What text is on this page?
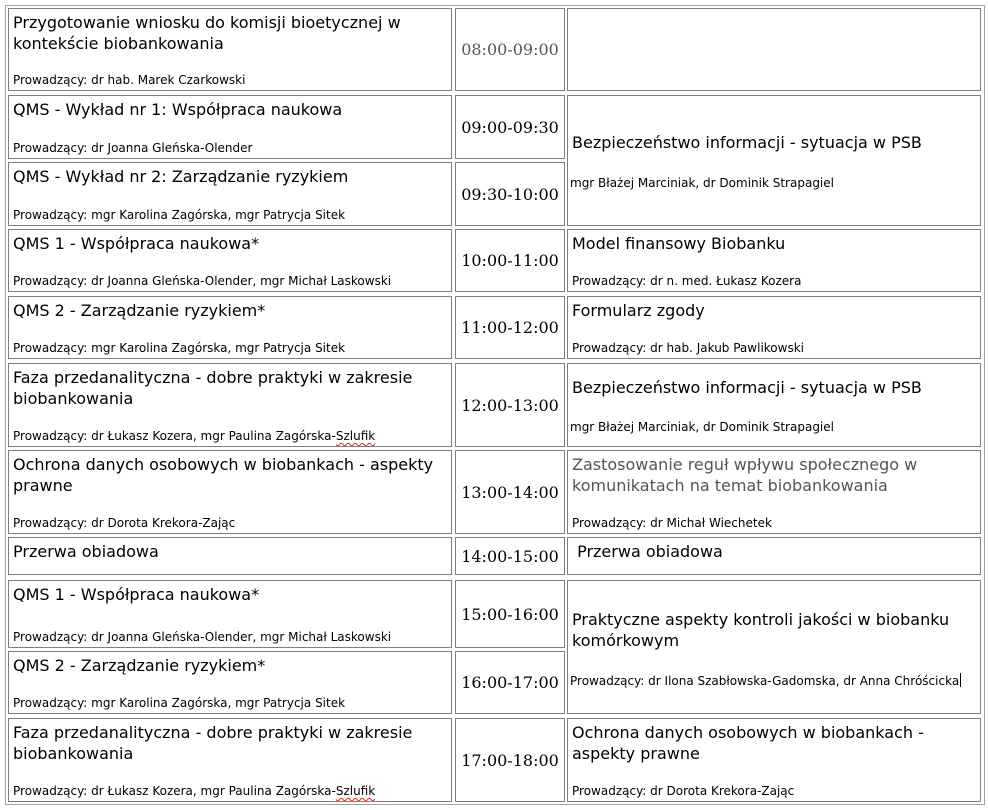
Przygotowanie wniosku do komisji bioetycznej w kontekście biobankowania
Prowadzący: dr hab. Marek Czarkowski
08:00-09:00
QMS - Wykład nr 1: Współpraca naukowa
Prowadzący: dr Joanna Gleńska-Olender
09:00-09:30
Bezpieczeństwo informacji - sytuacja w PSB
mgr Błażej Marciniak, dr Dominik Strapagiel
QMS - Wykład nr 2: Zarządzanie ryzykiem
Prowadzący: mgr Karolina Zagórska, mgr Patrycja Sitek
09:30-10:00
QMS 1 - Współpraca naukowa*
Prowadzący: dr Joanna Gleńska-Olender, mgr Michał Laskowski
10:00-11:00
Model finansowy Biobanku
Prowadzący: dr n. med. Łukasz Kozera
QMS 2 - Zarządzanie ryzykiem*
Prowadzący: mgr Karolina Zagórska, mgr Patrycja Sitek
11:00-12:00
Formularz zgody
Prowadzący: dr hab. Jakub Pawlikowski
Faza przedanalityczna - dobre praktyki w zakresie biobankowania
Prowadzący: dr Łukasz Kozera, mgr Paulina Zagórska-Szlufik
12:00-13:00
Bezpieczeństwo informacji - sytuacja w PSB
mgr Błażej Marciniak, dr Dominik Strapagiel
Ochrona danych osobowych w biobankach - aspekty prawne
Prowadzący: dr Dorota Krekora-Zając
13:00-14:00
Zastosowanie reguł wpływu społecznego w komunikatach na temat biobankowania
Prowadzący: dr Michał Wiechetek
Przerwa obiadowa	14:00-15:00 Przerwa obiadowa
QMS 1 - Współpraca naukowa*
Prowadzący: dr Joanna Gleńska-Olender, mgr Michał Laskowski
15:00-16:00 Praktyczne aspekty kontroli jakości w biobanku komórkowym
Prowadzący: dr Ilona Szabłowska-Gadomska, dr Anna Chróścicka
QMS 2 - Zarządzanie ryzykiem*
Prowadzący: mgr Karolina Zagórska, mgr Patrycja Sitek
16:00-17:00
Faza przedanalityczna - dobre praktyki w zakresie biobankowania
Prowadzący: dr Łukasz Kozera, mgr Paulina Zagórska-Szlufik
17:00-18:00
Ochrona danych osobowych w biobankach - aspekty prawne
Prowadzący: dr Dorota Krekora-Zając
